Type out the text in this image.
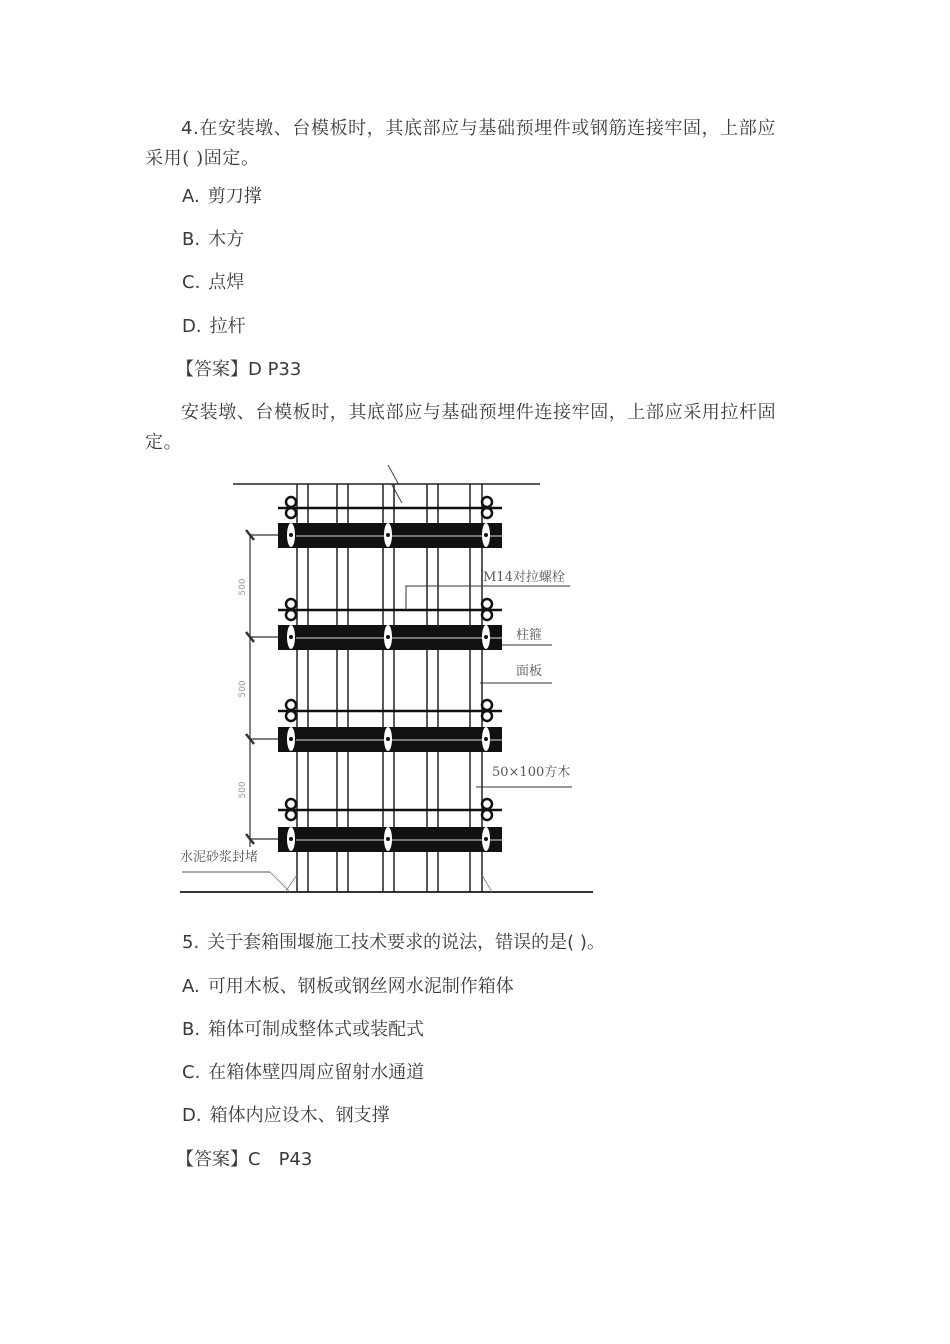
4.在安装墩、台模板时，其底部应与基础预埋件或钢筋连接牢固，上部应
采用( )固定。
A. 剪刀撑
B. 木方
C. 点焊
D. 拉杆
【答案】D P33
安装墩、台模板时，其底部应与基础预埋件连接牢固，上部应采用拉杆固
定。
500
500
500
M14对拉螺栓
柱箍
面板
50×100方木
水泥砂浆封堵
5. 关于套箱围堰施工技术要求的说法，错误的是( )。
A. 可用木板、钢板或钢丝网水泥制作箱体
B. 箱体可制成整体式或装配式
C. 在箱体壁四周应留射水通道
D. 箱体内应设木、钢支撑
【答案】C　P43
